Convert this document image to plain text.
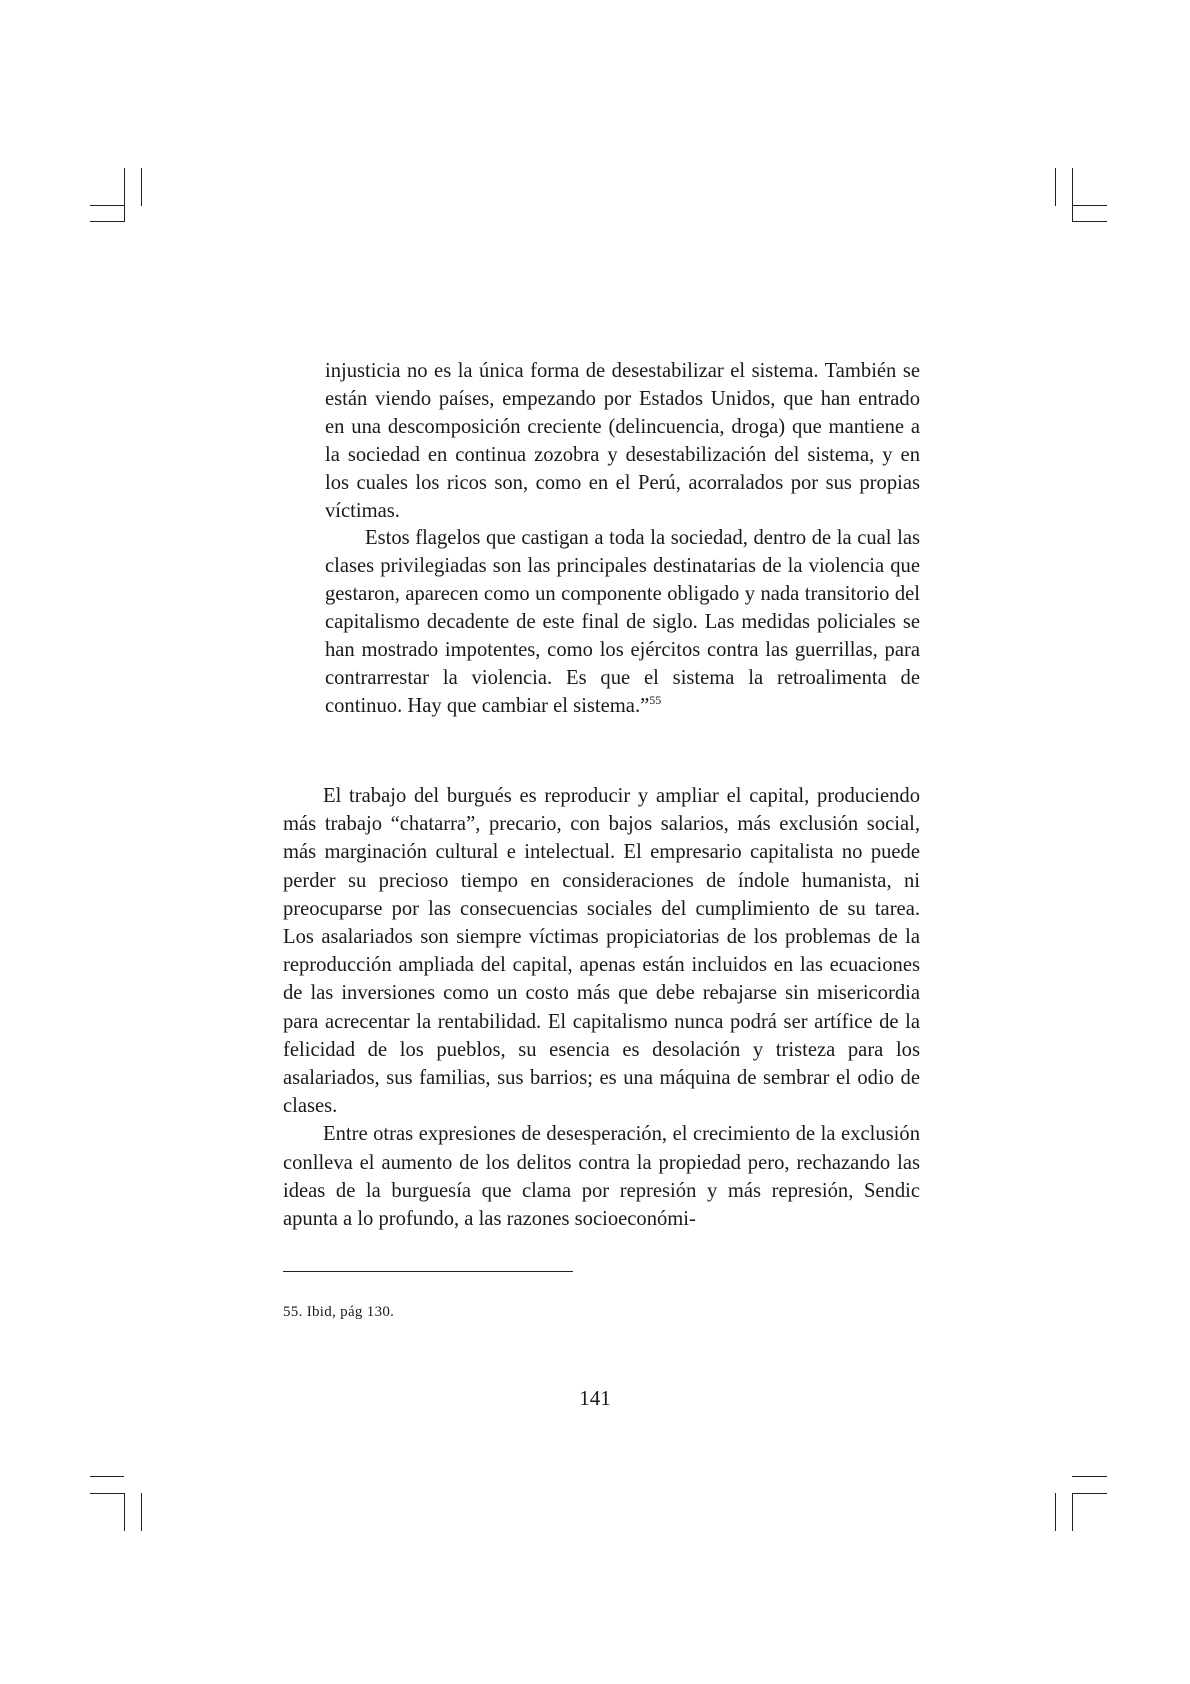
injusticia no es la única forma de desestabilizar el sistema. También se están viendo países, empezando por Estados Unidos, que han entrado en una descomposición creciente (delincuencia, droga) que mantiene a la sociedad en continua zozobra y desestabilización del sistema, y en los cuales los ricos son, como en el Perú, acorralados por sus propias víctimas.

Estos flagelos que castigan a toda la sociedad, dentro de la cual las clases privilegiadas son las principales destinatarias de la violencia que gestaron, aparecen como un componente obligado y nada transitorio del capitalismo decadente de este final de siglo. Las medidas policiales se han mostrado impotentes, como los ejércitos contra las guerrillas, para contrarrestar la violencia. Es que el sistema la retroalimenta de continuo. Hay que cambiar el sistema.”$^{55}$

El trabajo del burgués es reproducir y ampliar el capital, produciendo más trabajo “chatarra”, precario, con bajos salarios, más exclusión social, más marginación cultural e intelectual. El empresario capitalista no puede perder su precioso tiempo en consideraciones de índole humanista, ni preocuparse por las consecuencias sociales del cumplimiento de su tarea. Los asalariados son siempre víctimas propiciatorias de los problemas de la reproducción ampliada del capital, apenas están incluidos en las ecuaciones de las inversiones como un costo más que debe rebajarse sin misericordia para acrecentar la rentabilidad. El capitalismo nunca podrá ser artífice de la felicidad de los pueblos, su esencia es desolación y tristeza para los asalariados, sus familias, sus barrios; es una máquina de sembrar el odio de clases.

Entre otras expresiones de desesperación, el crecimiento de la exclusión conlleva el aumento de los delitos contra la propiedad pero, rechazando las ideas de la burguesía que clama por represión y más represión, Sendic apunta a lo profundo, a las razones socioeconómi-

55. Ibid, pág 130.
141
